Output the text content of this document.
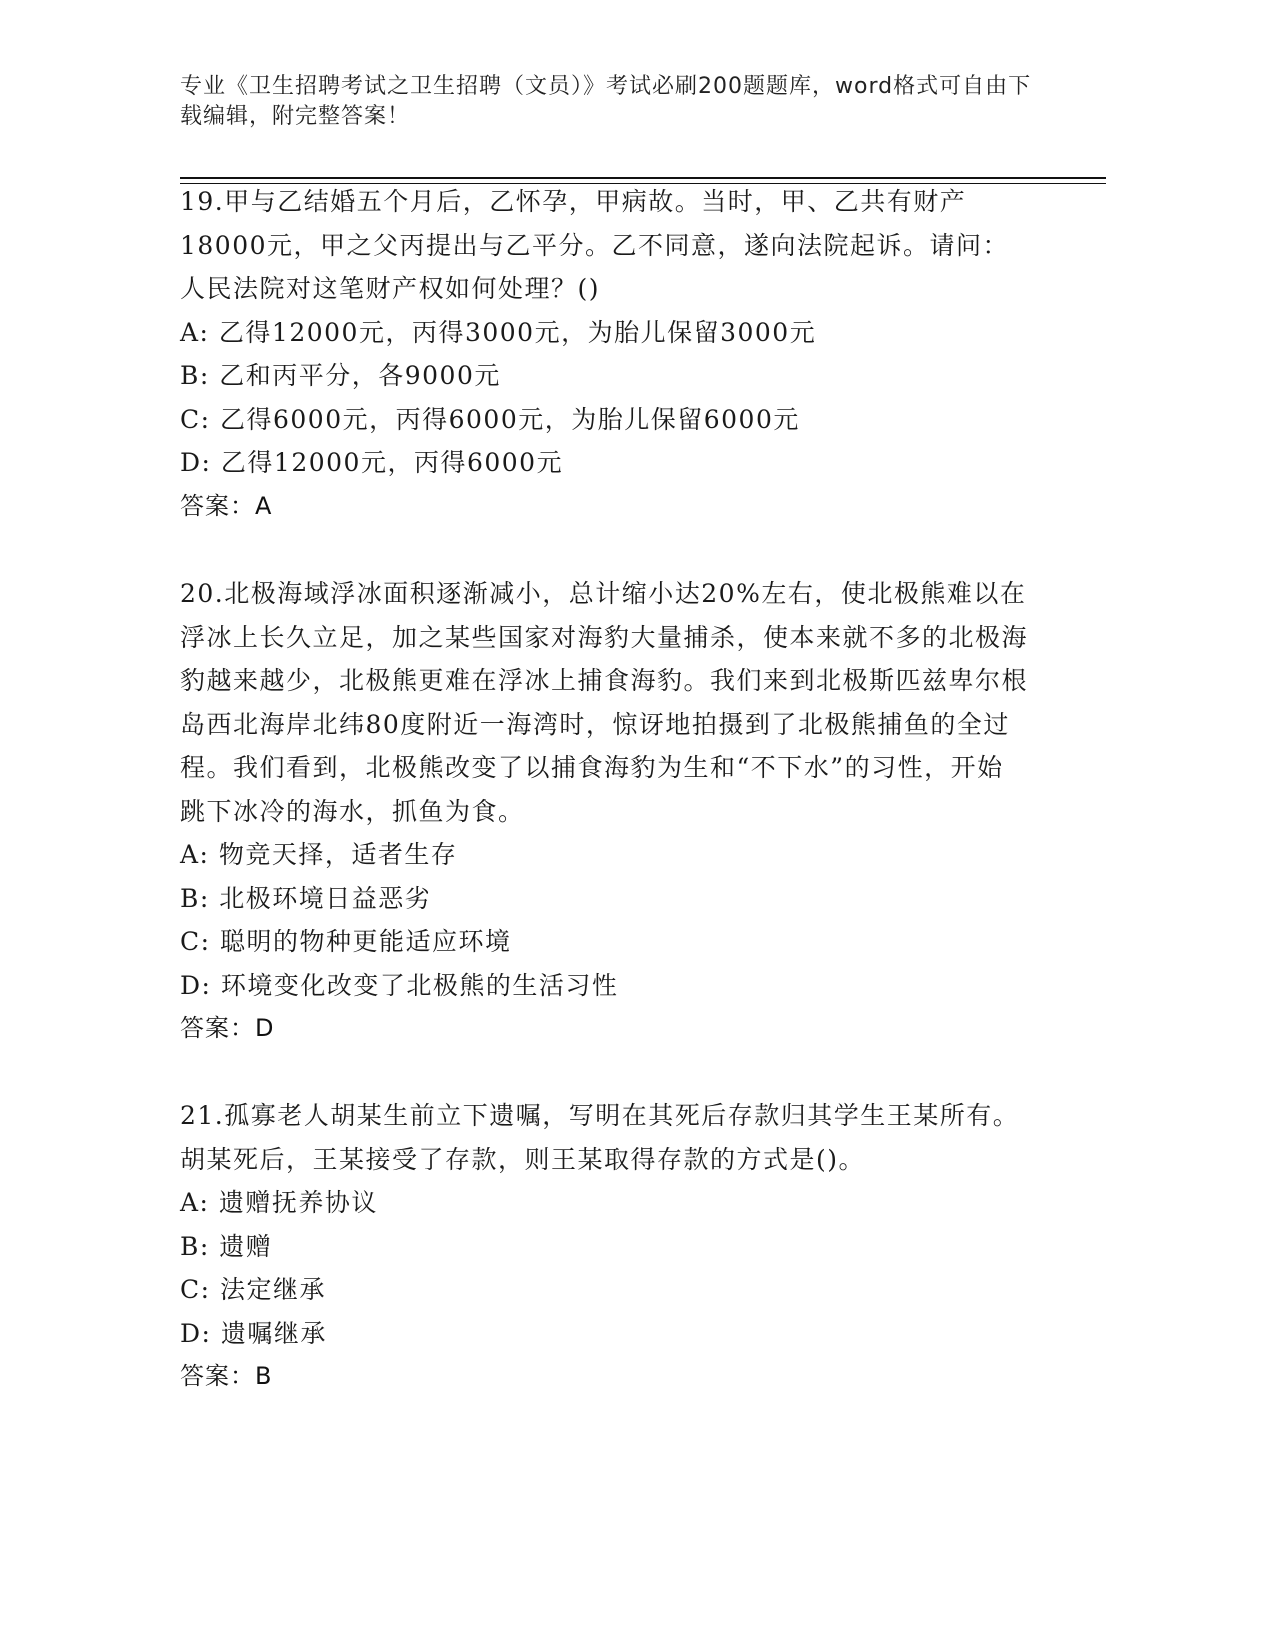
专业《卫生招聘考试之卫生招聘（文员）》考试必刷200题题库，word格式可自由下载编辑，附完整答案！

19.甲与乙结婚五个月后，乙怀孕，甲病故。当时，甲、乙共有财产18000元，甲之父丙提出与乙平分。乙不同意，遂向法院起诉。请问：人民法院对这笔财产权如何处理？()

A: 乙得12000元，丙得3000元，为胎儿保留3000元

B: 乙和丙平分，各9000元

C: 乙得6000元，丙得6000元，为胎儿保留6000元

D: 乙得12000元，丙得6000元

答案：A

20.北极海域浮冰面积逐渐减小，总计缩小达20%左右，使北极熊难以在浮冰上长久立足，加之某些国家对海豹大量捕杀，使本来就不多的北极海豹越来越少，北极熊更难在浮冰上捕食海豹。我们来到北极斯匹兹卑尔根岛西北海岸北纬80度附近一海湾时，惊讶地拍摄到了北极熊捕鱼的全过程。我们看到，北极熊改变了以捕食海豹为生和“不下水”的习性，开始跳下冰冷的海水，抓鱼为食。

A: 物竞天择，适者生存

B: 北极环境日益恶劣

C: 聪明的物种更能适应环境

D: 环境变化改变了北极熊的生活习性

答案：D

21.孤寡老人胡某生前立下遗嘱，写明在其死后存款归其学生王某所有。胡某死后，王某接受了存款，则王某取得存款的方式是()。

A: 遗赠抚养协议

B: 遗赠

C: 法定继承

D: 遗嘱继承

答案：B
